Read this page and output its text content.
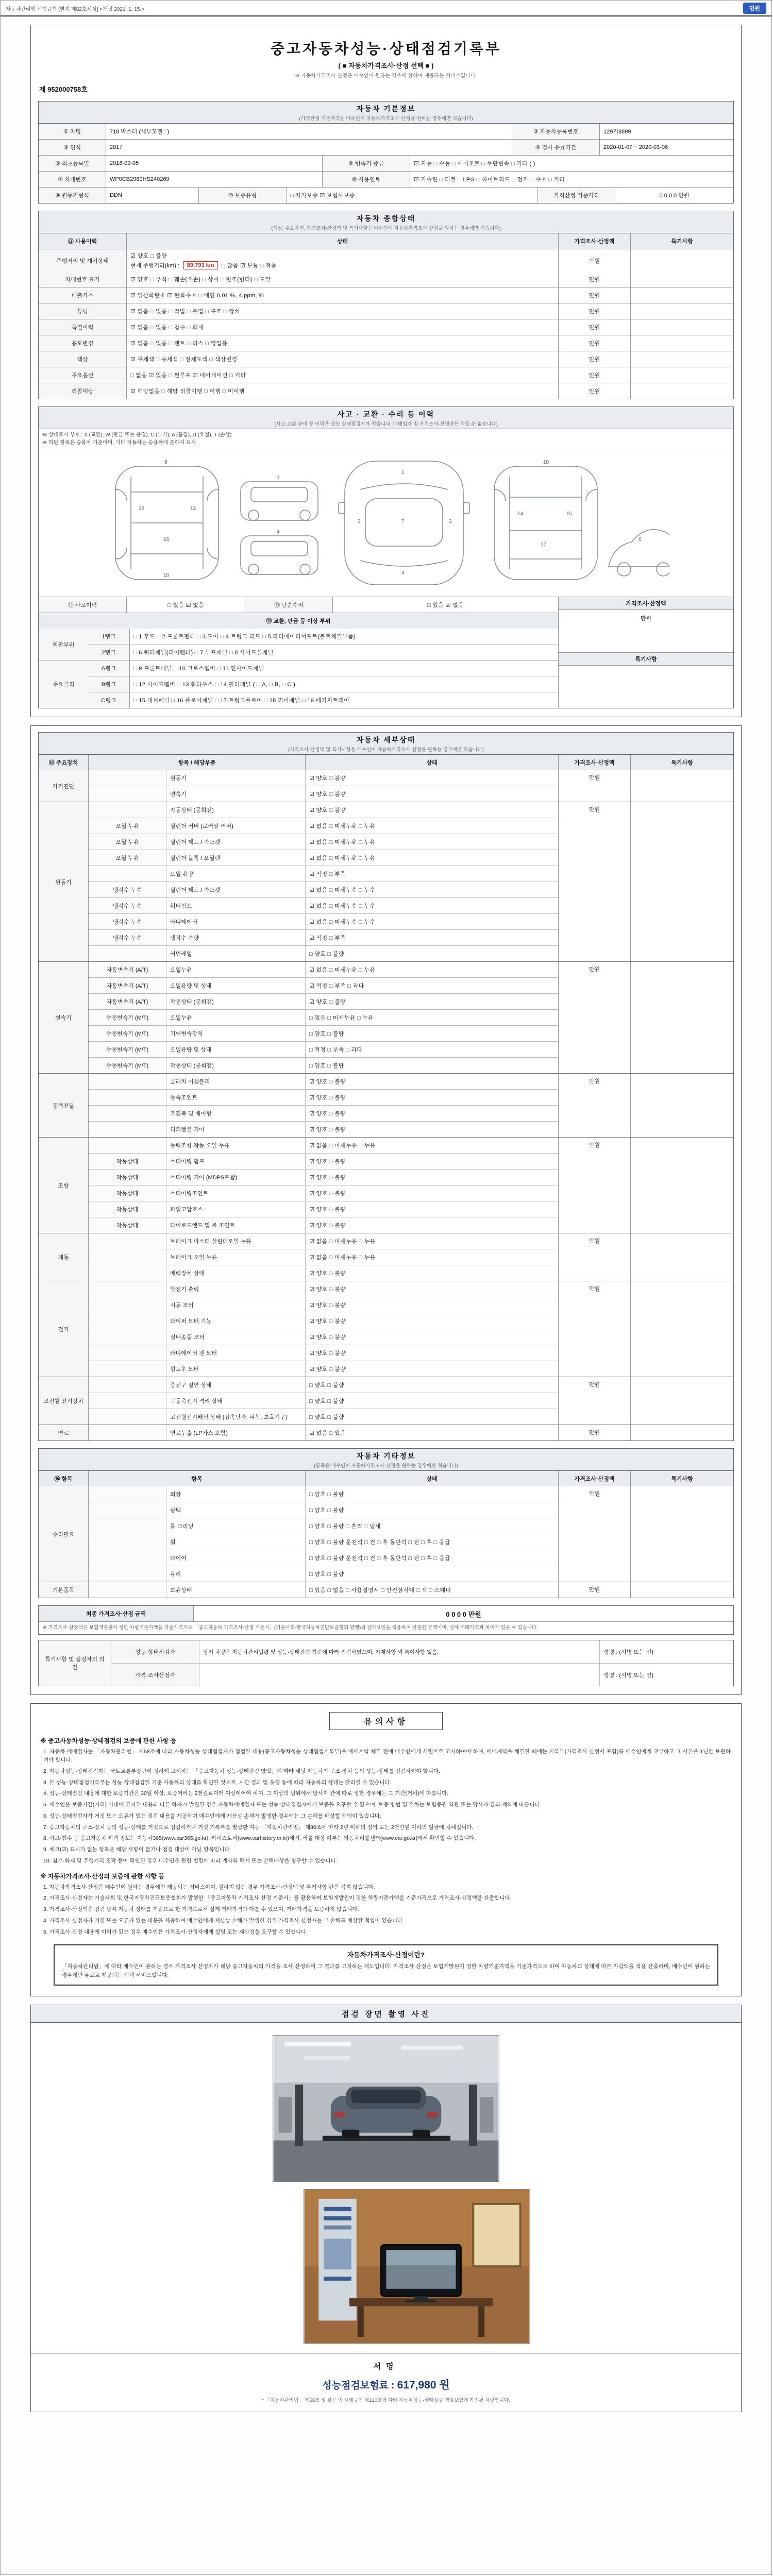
자동차관리법 시행규칙 [별지 제82호서식] <개정 2021. 1. 15.>	민원
중고자동차성능·상태점검기록부
( ■ 자동차가격조사·산정 선택 ■ )
※ 자동차가격조사·산정은 매수인이 원하는 경우에 한하여 제공하는 서비스입니다.
제 952000758호
자동차 기본정보
(가격산정 기준가격은 매수인이 자동차가격조사·산정을 원하는 경우에만 적습니다)
① 차명	718 박스터 (세부모델 : )	② 자동차등록번호	129거8899
③ 연식	2017	④ 검사 유효기간	2020-01-07 ~ 2020-03-06
⑤ 최초등록일	2016-09-05	⑥ 변속기 종류	☑ 자동 □ 수동 □ 세미오토 □ 무단변속 □ 기타 ( )
⑦ 차대번호	WP0CB2980HS240269	⑧ 사용연료	☑ 가솔린 □ 디젤 □ LPG □ 하이브리드 □ 전기 □ 수소 □ 기타
⑨ 원동기형식	DDN	⑩ 보증유형	□ 자가보증 ☑ 보험사보증	가격산정 기준가격	0 0 0 0 만원
자동차 종합상태
(색상, 주요옵션, 가격조사·산정액 및 특기사항은 매수인이 자동차가격조사·산정을 원하는 경우에만 적습니다)
⑪ 사용이력	상태	가격조사·산정액	특기사항
주행거리 및 계기상태
☑ 양호 □ 불량
현재 주행거리(km) :	89,793 km	□ 많음 ☑ 보통 □ 적음
만원
차대번호 표기	☑ 양호 □ 부식 □ 훼손(오손) □ 상이 □ 변조(변타) □ 도말	만원
배출가스	☑ 일산화탄소 ☑ 탄화수소 □ 매연 0.01 %, 4 ppm, %	만원
튜닝	☑ 없음 □ 있음 □ 적법 □ 불법 □ 구조 □ 장치	만원
특별이력	☑ 없음 □ 있음 □ 침수 □ 화재	만원
용도변경	☑ 없음 □ 있음 □ 렌트 □ 리스 □ 영업용	만원
색상	☑ 무채색 □ 유채색 □ 전체도색 □ 색상변경	만원
주요옵션	□ 없음 ☑ 있음 □ 썬루프 ☑ 네비게이션 □ 기타	만원
리콜대상	☑ 해당없음 □ 해당 리콜이행 □ 이행 □ 미이행	만원
사고 · 교환 · 수리 등 이력
(사고·교환·수리 등 이력은 성능·상태점검자가 적습니다. 매매업자 및 가격조사·산정자는 적을 수 없습니다)
※ 상태표시 부호 : X (교환), W (판금 또는 용접), C (부식), A (흠집), U (요철), T (손상)
※ 하단 항목은 승용차 기준이며, 기타 자동차는 승용차에 준하여 표시
9
12	13
16
10
1
4
1
3	3
7
4
18
14	15
17
6
⑫ 사고이력	□ 있음 ☑ 없음	⑬ 단순수리	□ 있음 ☑ 없음
⑭ 교환, 판금 등 이상 부위
외판부위
1랭크	□ 1.후드 □ 2.프론트펜더 □ 3.도어 □ 4.트렁크 리드 □ 5.라디에이터서포트(볼트체결부품)
2랭크	□ 6.쿼터패널(리어펜더) □ 7.루프패널 □ 8.사이드실패널
주요골격
A랭크	□ 9.프론트패널 □ 10.크로스멤버 □ 11.인사이드패널
B랭크	□ 12.사이드멤버 □ 13.휠하우스 □ 14.필러패널 ( □ A, □ B, □ C )
C랭크	□ 15.대쉬패널 □ 16.플로어패널 □ 17.트렁크플로어 □ 18.리어패널 □ 19.패키지트레이
가격조사·산정액
만원
특기사항
자동차 세부상태
(가격조사·산정액 및 특기사항은 매수인이 자동차가격조사·산정을 원하는 경우에만 적습니다)
⑮ 주요장치	항목 / 해당부품	상태	가격조사·산정액	특기사항
자기진단
원동기	☑ 양호 □ 불량
변속기	☑ 양호 □ 불량
만원
원동기
작동상태 (공회전)	☑ 양호 □ 불량
오일 누유	실린더 커버 (로커암 커버)	☑ 없음 □ 미세누유 □ 누유
오일 누유	실린더 헤드 / 가스켓	☑ 없음 □ 미세누유 □ 누유
오일 누유	실린더 블록 / 오일팬	☑ 없음 □ 미세누유 □ 누유
오일 유량	☑ 적정 □ 부족
냉각수 누수	실린더 헤드 / 가스켓	☑ 없음 □ 미세누수 □ 누수
냉각수 누수	워터펌프	☑ 없음 □ 미세누수 □ 누수
냉각수 누수	라디에이터	☑ 없음 □ 미세누수 □ 누수
냉각수 누수	냉각수 수량	☑ 적정 □ 부족
커먼레일	□ 양호 □ 불량
만원
변속기
자동변속기 (A/T)	오일누유	☑ 없음 □ 미세누유 □ 누유
자동변속기 (A/T)	오일유량 및 상태	☑ 적정 □ 부족 □ 과다
자동변속기 (A/T)	작동상태 (공회전)	☑ 양호 □ 불량
수동변속기 (M/T)	오일누유	□ 없음 □ 미세누유 □ 누유
수동변속기 (M/T)	기어변속장치	□ 양호 □ 불량
수동변속기 (M/T)	오일유량 및 상태	□ 적정 □ 부족 □ 과다
수동변속기 (M/T)	작동상태 (공회전)	□ 양호 □ 불량
만원
동력전달
클러치 어셈블리	☑ 양호 □ 불량
등속조인트	☑ 양호 □ 불량
추진축 및 베어링	☑ 양호 □ 불량
디퍼렌셜 기어	☑ 양호 □ 불량
만원
조향
동력조향 작동 오일 누유	☑ 없음 □ 미세누유 □ 누유
작동상태	스티어링 펌프	☑ 양호 □ 불량
작동상태	스티어링 기어 (MDPS포함)	☑ 양호 □ 불량
작동상태	스티어링조인트	☑ 양호 □ 불량
작동상태	파워고압호스	☑ 양호 □ 불량
작동상태	타이로드엔드 및 볼 조인트	☑ 양호 □ 불량
만원
제동
브레이크 마스터 실린더오일 누유	☑ 없음 □ 미세누유 □ 누유
브레이크 오일 누유	☑ 없음 □ 미세누유 □ 누유
배력장치 상태	☑ 양호 □ 불량
만원
전기
발전기 출력	☑ 양호 □ 불량
시동 모터	☑ 양호 □ 불량
와이퍼 모터 기능	☑ 양호 □ 불량
실내송풍 모터	☑ 양호 □ 불량
라디에이터 팬 모터	☑ 양호 □ 불량
윈도우 모터	☑ 양호 □ 불량
만원
고전원 전기장치
충전구 절연 상태	□ 양호 □ 불량
구동축전지 격리 상태	□ 양호 □ 불량
고전원전기배선 상태 (접속단자, 피복, 보호기구)	□ 양호 □ 불량
만원
연료	연료누출 (LP가스 포함)	☑ 없음 □ 있음	만원
자동차 기타정보
(항목은 매수인이 자동차가격조사·산정을 원하는 경우에만 적습니다)
⑯ 항목	항목	상태	가격조사·산정액	특기사항
수리필요
외장	□ 양호 □ 불량
광택	□ 양호 □ 불량
룸 크리닝	□ 양호 □ 불량 □ 흔적 □ 냄새
휠	□ 양호 □ 불량 운전석 □ 전 □ 후 동반석 □ 전 □ 후 □ 응급
타이어	□ 양호 □ 불량 운전석 □ 전 □ 후 동반석 □ 전 □ 후 □ 응급
유리	□ 양호 □ 불량
만원
기본품목	보유상태	□ 있음 □ 없음 □ 사용설명서 □ 안전삼각대 □ 잭 □ 스패너	만원
최종 가격조사·산정 금액	0 0 0 0 만원
※ 가격조사·산정액은 보험개발원이 정한 차량기준가액을 기준가격으로 「중고자동차 가격조사·산정 기준서」(기술사회·한국자동차진단보증협회 발행)의 감가요인을 적용하여 산출한 금액이며, 실제 거래가격과 차이가 있을 수 있습니다.
특기사항 및 점검자의 의견
성능·상태점검자	상기 차량은 자동차관리법령 및 성능·상태점검 기준에 따라 점검하였으며, 기재사항 외 특이사항 없음.	성명 : (서명 또는 인)
가격·조사산정자	성명 : (서명 또는 인)
유의사항
※ 중고자동차성능·상태점검의 보증에 관한 사항 등
1. 자동차 매매업자는 「자동차관리법」 제58조에 따라 자동차성능·상태점검자가 점검한 내용(중고자동차성능·상태점검기록부)을 매매계약 체결 전에 매수인에게 서면으로 고지하여야 하며, 매매계약을 체결한 때에는 기록부(가격조사·산정서 포함)를 매수인에게 교부하고 그 사본을 1년간 보관하여야 합니다.
2. 자동차성능·상태점검자는 국토교통부장관이 정하여 고시하는 「중고자동차 성능·상태점검 방법」에 따라 해당 자동차의 구조·장치 등의 성능·상태를 점검하여야 합니다.
3. 본 성능·상태점검기록부는 성능·상태점검일 기준 자동차의 상태를 확인한 것으로, 시간 경과 및 운행 등에 따라 자동차의 상태는 달라질 수 있습니다.
4. 성능·상태점검 내용에 대한 보증기간은 30일 이상, 보증거리는 2천킬로미터 이상이어야 하며, 그 이상의 범위에서 당사자 간에 따로 정한 경우에는 그 기간(거리)에 따릅니다.
5. 매수인은 보증기간(거리) 이내에 고지된 내용과 다른 하자가 발견된 경우 자동차매매업자 또는 성능·상태점검자에게 보증을 요구할 수 있으며, 보증 방법 및 절차는 보험증권·약관 또는 당사자 간의 계약에 따릅니다.
6. 성능·상태점검자가 거짓 또는 오류가 있는 점검 내용을 제공하여 매수인에게 재산상 손해가 발생한 경우에는 그 손해를 배상할 책임이 있습니다.
7. 중고자동차의 구조·장치 등의 성능·상태를 거짓으로 점검하거나 거짓 기록부를 발급한 자는 「자동차관리법」 제80조에 따라 2년 이하의 징역 또는 2천만원 이하의 벌금에 처해집니다.
8. 사고·침수 등 중고자동차 이력 정보는 자동차365(www.car365.go.kr), 카히스토리(www.carhistory.or.kr)에서, 리콜 대상 여부는 자동차리콜센터(www.car.go.kr)에서 확인할 수 있습니다.
9. 체크(☑) 표시가 없는 항목은 해당 사항이 없거나 점검 대상이 아닌 항목입니다.
10. 침수·화재 및 주행거리 조작 등이 확인된 경우 매수인은 관련 법령에 따라 계약의 해제 또는 손해배상을 청구할 수 있습니다.
※ 자동차가격조사·산정의 보증에 관한 사항 등
1. 자동차가격조사·산정은 매수인이 원하는 경우에만 제공되는 서비스이며, 원하지 않는 경우 가격조사·산정액 및 특기사항 란은 적지 않습니다.
2. 가격조사·산정자는 기술사회 및 한국자동차진단보증협회가 발행한 「중고자동차 가격조사·산정 기준서」를 활용하여 보험개발원이 정한 차량기준가액을 기준가격으로 가격조사·산정액을 산출합니다.
3. 가격조사·산정액은 점검 당시 자동차 상태를 기준으로 한 가격으로서 실제 거래가격과 다를 수 있으며, 거래가격을 보증하지 않습니다.
4. 가격조사·산정자가 거짓 또는 오류가 있는 내용을 제공하여 매수인에게 재산상 손해가 발생한 경우 가격조사·산정자는 그 손해를 배상할 책임이 있습니다.
5. 가격조사·산정 내용에 이의가 있는 경우 매수인은 가격조사·산정자에게 설명 또는 재산정을 요구할 수 있습니다.
자동차가격조사·산정이란?
「자동차관리법」에 따라 매수인이 원하는 경우 가격조사·산정자가 해당 중고자동차의 가격을 조사·산정하여 그 결과를 고지하는 제도입니다. 가격조사·산정은 보험개발원이 정한 차량기준가액을 기준가격으로 하여 자동차의 상태에 따른 가감액을 적용·산출하며, 매수인이 원하는 경우에만 유료로 제공되는 선택 서비스입니다.
점검 장면 촬영 사진
서명
성능점검보험료 : 617,980 원
* 「자동차관리법」 제58조 및 같은 법 시행규칙 제120조에 따라 자동차성능·상태점검 책임보험에 가입된 차량입니다.
